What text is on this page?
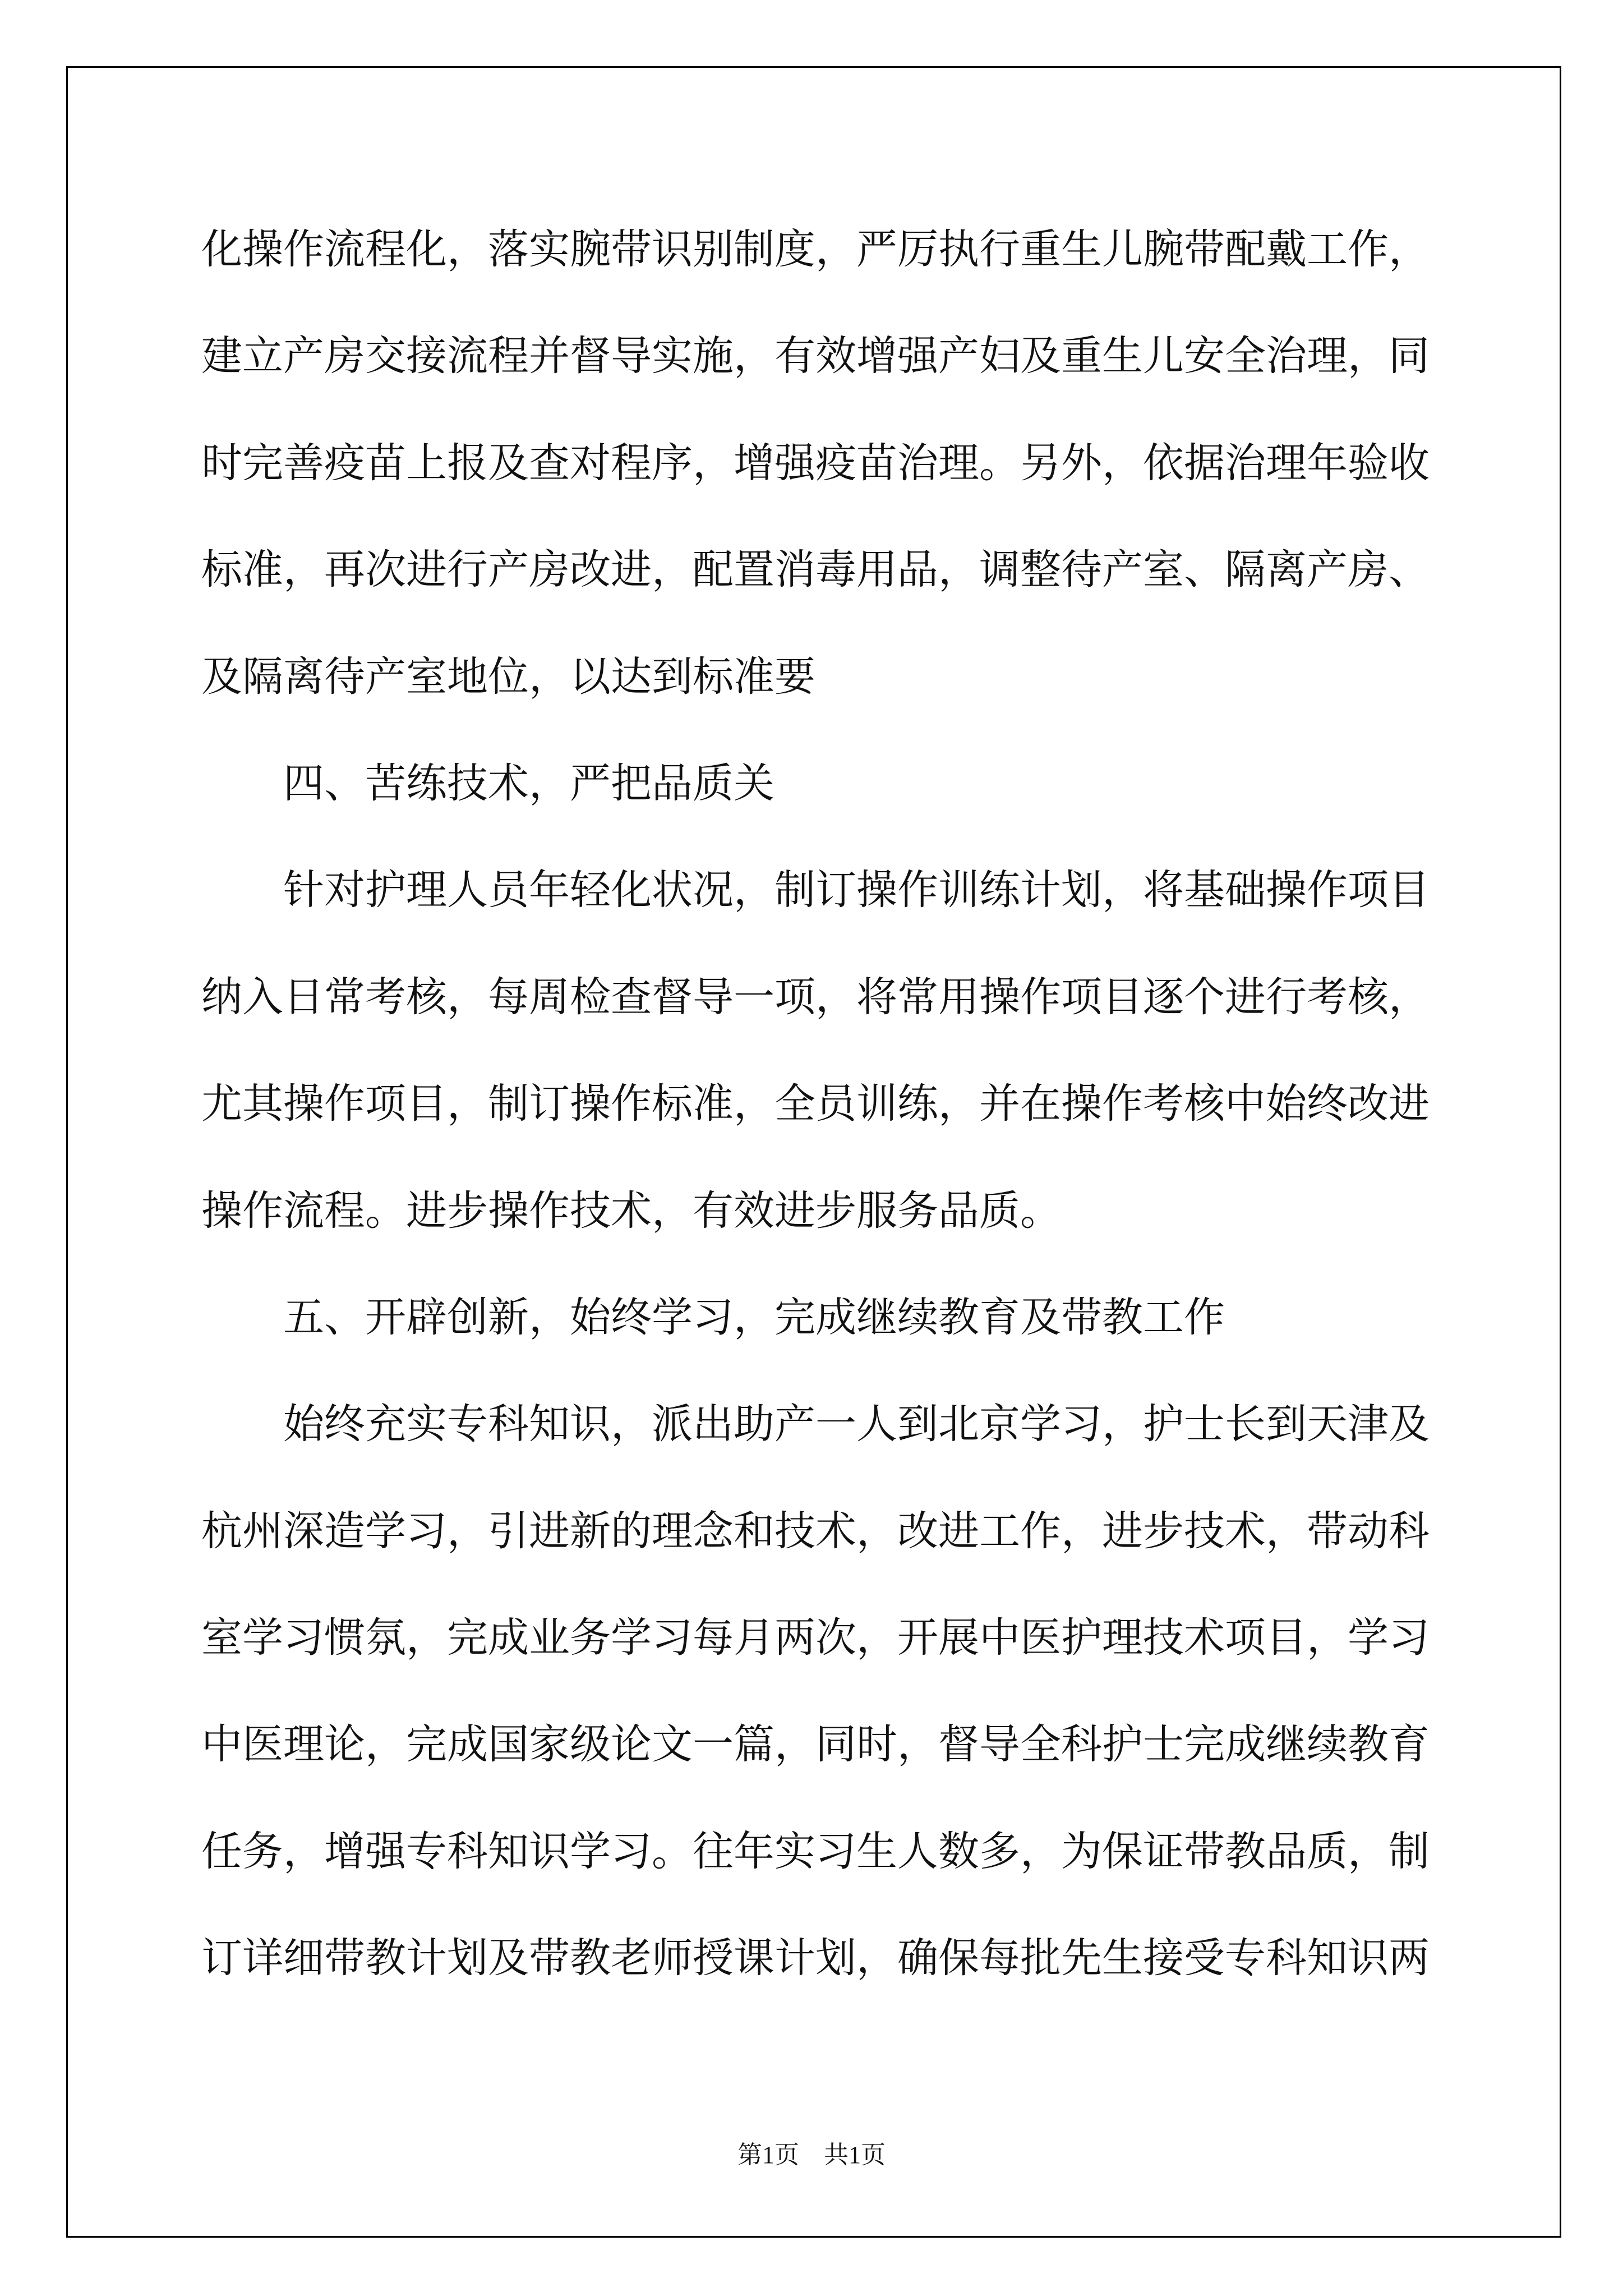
化操作流程化，落实腕带识别制度，严厉执行重生儿腕带配戴工作，
建立产房交接流程并督导实施，有效增强产妇及重生儿安全治理，同
时完善疫苗上报及查对程序，增强疫苗治理。另外，依据治理年验收
标准，再次进行产房改进，配置消毒用品，调整待产室、隔离产房、
及隔离待产室地位，以达到标准要
四、苦练技术，严把品质关
针对护理人员年轻化状况，制订操作训练计划，将基础操作项目
纳入日常考核，每周检查督导一项，将常用操作项目逐个进行考核，
尤其操作项目，制订操作标准，全员训练，并在操作考核中始终改进
操作流程。进步操作技术，有效进步服务品质。
五、开辟创新，始终学习，完成继续教育及带教工作
始终充实专科知识，派出助产一人到北京学习，护士长到天津及
杭州深造学习，引进新的理念和技术，改进工作，进步技术，带动科
室学习惯氛，完成业务学习每月两次，开展中医护理技术项目，学习
中医理论，完成国家级论文一篇，同时，督导全科护士完成继续教育
任务，增强专科知识学习。往年实习生人数多，为保证带教品质，制
订详细带教计划及带教老师授课计划，确保每批先生接受专科知识两
第1页　共1页
